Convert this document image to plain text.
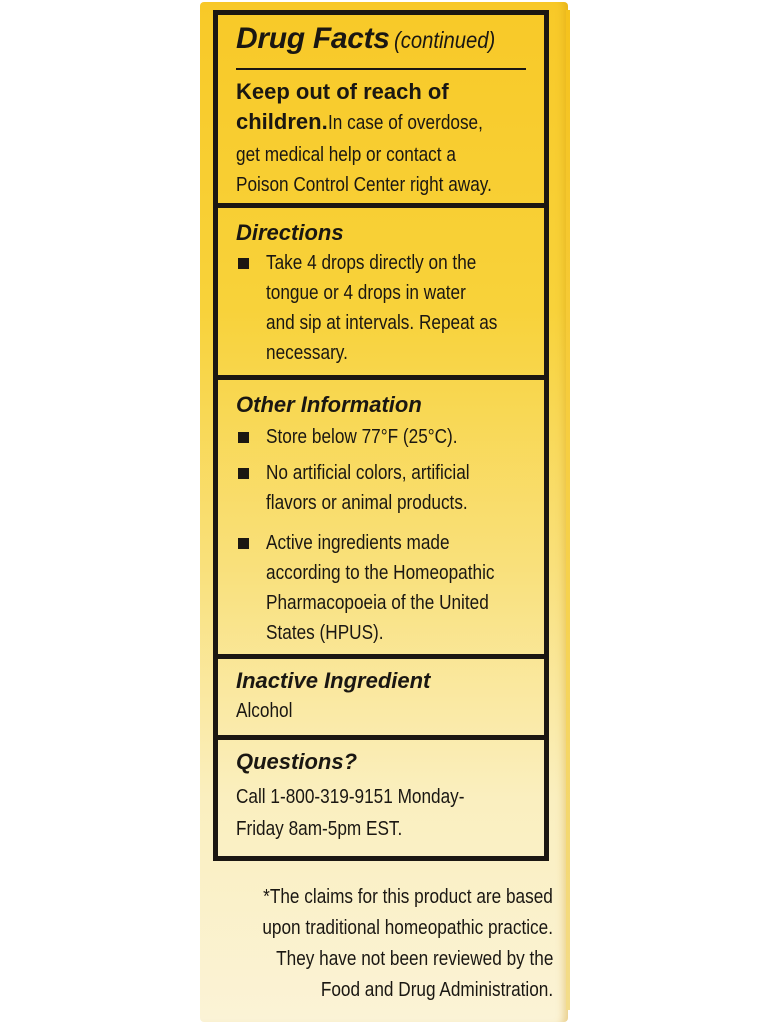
Drug Facts (continued)
Keep out of reach of
children.In case of overdose,
get medical help or contact a
Poison Control Center right away.
Directions
Take 4 drops directly on the
tongue or 4 drops in water
and sip at intervals. Repeat as
necessary.
Other Information
Store below 77°F (25°C).
No artificial colors, artificial
flavors or animal products.
Active ingredients made
according to the Homeopathic
Pharmacopoeia of the United
States (HPUS).
Inactive Ingredient
Alcohol
Questions?
Call 1-800-319-9151 Monday-
Friday 8am-5pm EST.
*The claims for this product are based
upon traditional homeopathic practice.
They have not been reviewed by the
Food and Drug Administration.
